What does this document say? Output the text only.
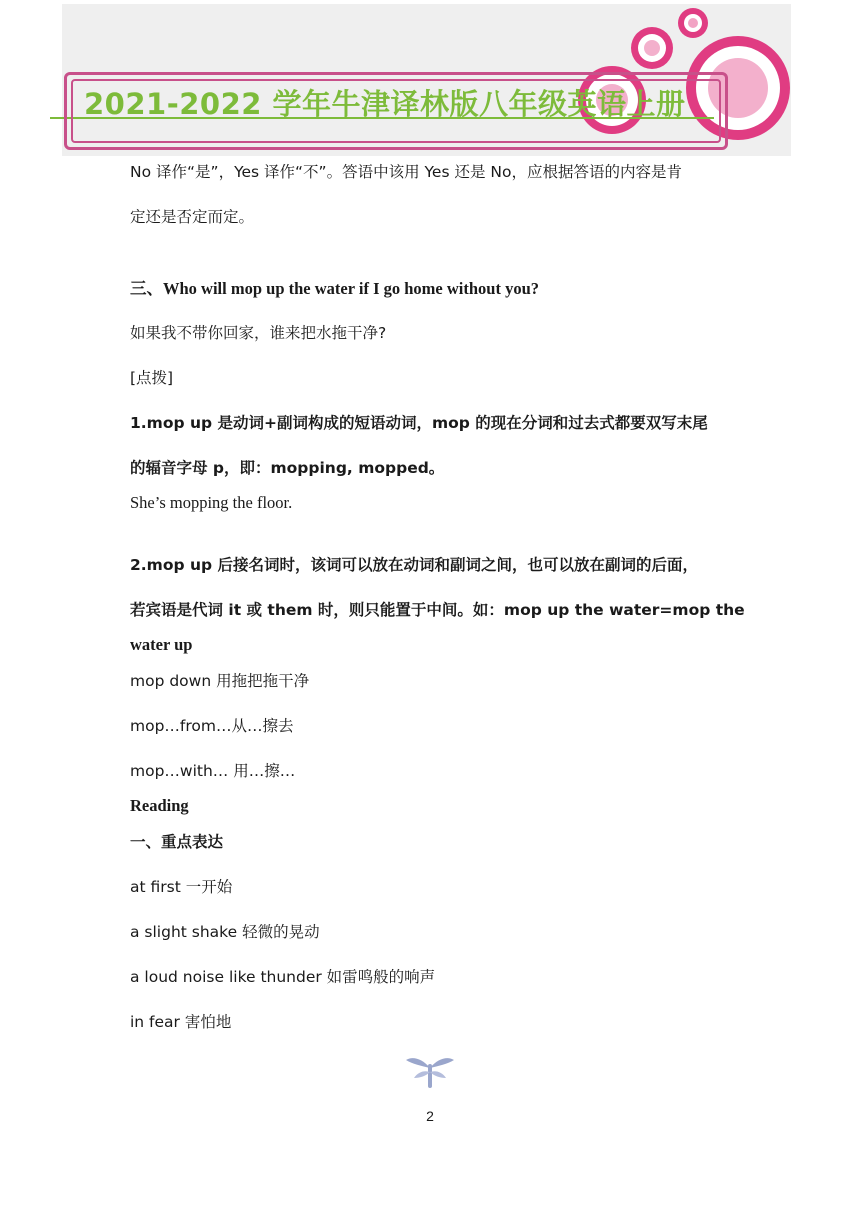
2021-2022 学年牛津译林版八年级英语上册
No 译作“是”，Yes 译作“不”。答语中该用 Yes 还是 No，应根据答语的内容是肯
定还是否定而定。
三、Who will mop up the water if I go home without you?
如果我不带你回家，谁来把水拖干净?
[点拨]
1.mop up 是动词+副词构成的短语动词，mop 的现在分词和过去式都要双写末尾
的辐音字母 p，即：mopping, mopped。
She’s mopping the floor.
2.mop up 后接名词时，该词可以放在动词和副词之间，也可以放在副词的后面，
若宾语是代词 it 或 them 时，则只能置于中间。如：mop up the water=mop the
water up
mop down 用拖把拖干净
mop…from…从…擦去
mop…with… 用…擦…
Reading
一、重点表达
at first 一开始
a slight shake 轻微的晃动
a loud noise like thunder 如雷鸣般的响声
in fear 害怕地
2
